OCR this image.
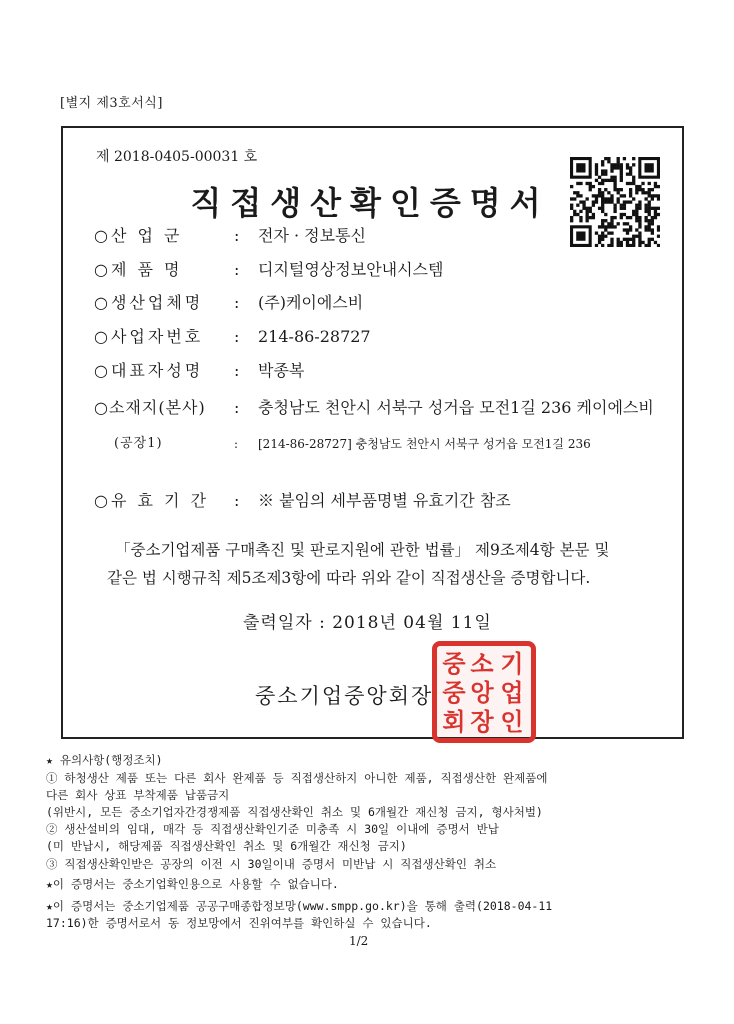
[별지 제3호서식]
제 2018-0405-00031 호
직접생산확인증명서
○산 업 군	: 전자 · 정보통신
○제 품 명	: 디지털영상정보안내시스템
○생산업체명	: (주)케이에스비
○사업자번호	: 214-86-28727
○대표자성명	: 박종복
○소재지(본사)	: 충청남도 천안시 서북구 성거읍 모전1길 236 케이에스비
(공장1)	: [214-86-28727] 충청남도 천안시 서북구 성거읍 모전1길 236
○유 효 기 간	: ※ 붙임의 세부품명별 유효기간 참조
「중소기업제품 구매촉진 및 판로지원에 관한 법률」 제9조제4항 본문 및
같은 법 시행규칙 제5조제3항에 따라 위와 같이 직접생산을 증명합니다.
출력일자 : 2018년 04월 11일
중소기업중앙회장
중 소 기
중 앙 업
회 장 인
★ 유의사항(행정조치)
① 하청생산 제품 또는 다른 회사 완제품 등 직접생산하지 아니한 제품, 직접생산한 완제품에
다른 회사 상표 부착제품 납품금지
(위반시, 모든 중소기업자간경쟁제품 직접생산확인 취소 및 6개월간 재신청 금지, 형사처벌)
② 생산설비의 임대, 매각 등 직접생산확인기준 미충족 시 30일 이내에 증명서 반납
(미 반납시, 해당제품 직접생산확인 취소 및 6개월간 재신청 금지)
③ 직접생산확인받은 공장의 이전 시 30일이내 증명서 미반납 시 직접생산확인 취소
★이 증명서는 중소기업확인용으로 사용할 수 없습니다.
★이 증명서는 중소기업제품 공공구매종합정보망(www.smpp.go.kr)을 통해 출력(2018-04-11
17:16)한 증명서로서 동 정보망에서 진위여부를 확인하실 수 있습니다.
1/2
